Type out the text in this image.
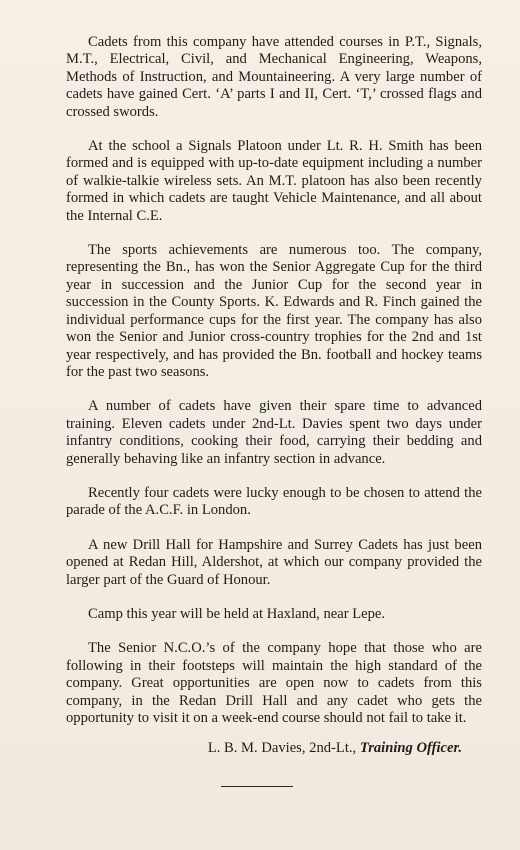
Cadets from this company have attended courses in P.T., Signals, M.T., Electrical, Civil, and Mechanical Engineering, Weapons, Methods of Instruction, and Mountaineering. A very large number of cadets have gained Cert. ‘A’ parts I and II, Cert. ‘T,’ crossed flags and crossed swords.

At the school a Signals Platoon under Lt. R. H. Smith has been formed and is equipped with up-to-date equipment including a number of walkie-talkie wireless sets. An M.T. platoon has also been recently formed in which cadets are taught Vehicle Maintenance, and all about the Internal C.E.

The sports achievements are numerous too. The company, representing the Bn., has won the Senior Aggregate Cup for the third year in succession and the Junior Cup for the second year in succession in the County Sports. K. Edwards and R. Finch gained the individual performance cups for the first year. The company has also won the Senior and Junior cross-country trophies for the 2nd and 1st year respectively, and has provided the Bn. football and hockey teams for the past two seasons.

A number of cadets have given their spare time to advanced training. Eleven cadets under 2nd-Lt. Davies spent two days under infantry conditions, cooking their food, carrying their bedding and generally behaving like an infantry section in advance.

Recently four cadets were lucky enough to be chosen to attend the parade of the A.C.F. in London.

A new Drill Hall for Hampshire and Surrey Cadets has just been opened at Redan Hill, Aldershot, at which our company provided the larger part of the Guard of Honour.

Camp this year will be held at Haxland, near Lepe.

The Senior N.C.O.’s of the company hope that those who are following in their footsteps will maintain the high standard of the company. Great opportunities are open now to cadets from this company, in the Redan Drill Hall and any cadet who gets the opportunity to visit it on a week-end course should not fail to take it.

L. B. M. Davies, 2nd-Lt., Training Officer.
